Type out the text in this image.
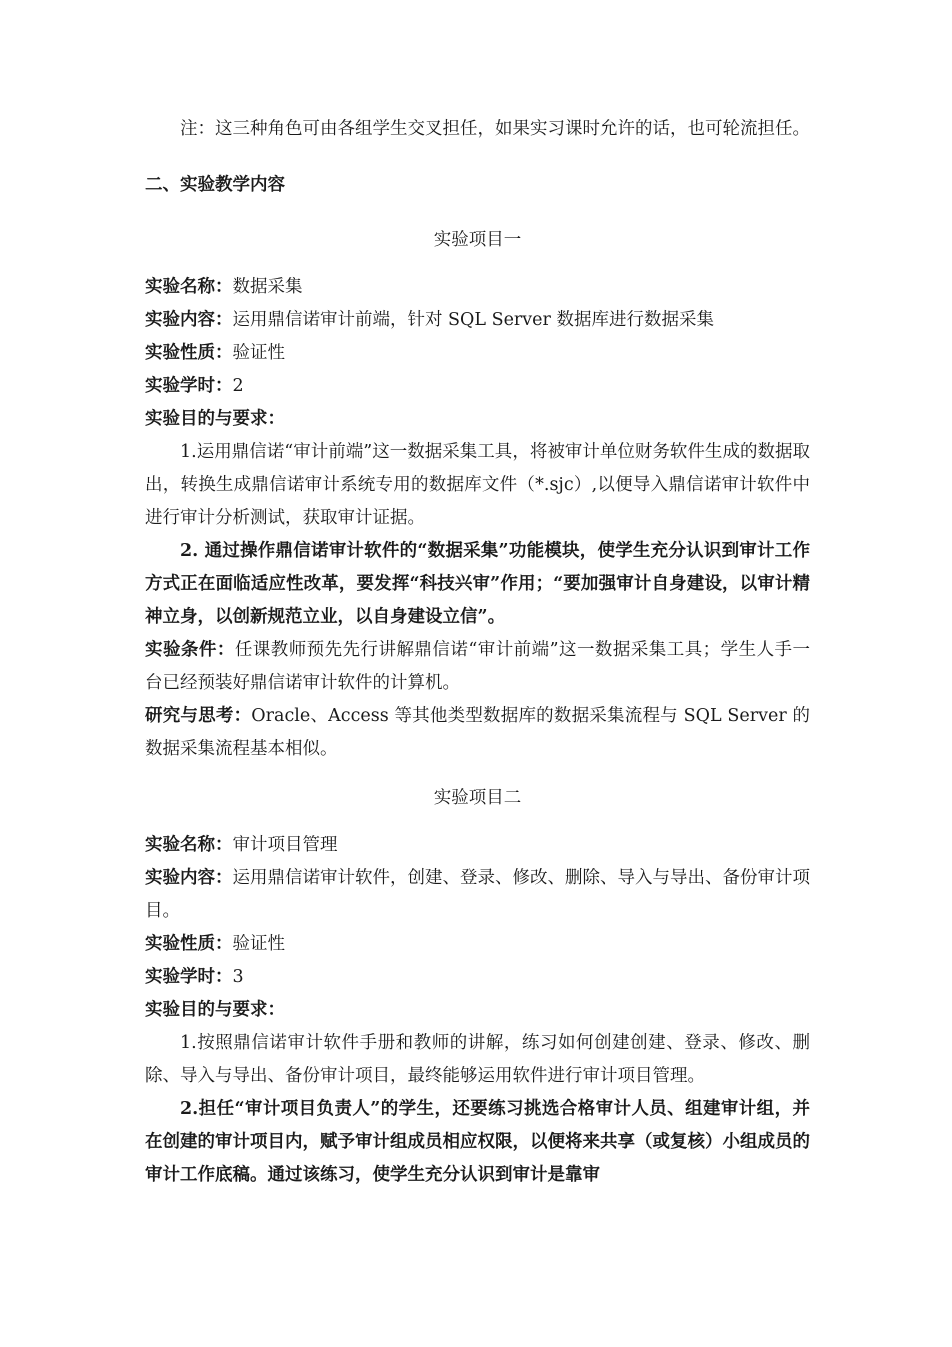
注：这三种角色可由各组学生交叉担任，如果实习课时允许的话，也可轮流担任。

二、实验教学内容

实验项目一

实验名称：数据采集

实验内容：运用鼎信诺审计前端，针对 SQL Server 数据库进行数据采集

实验性质：验证性

实验学时：2

实验目的与要求：

1.运用鼎信诺“审计前端”这一数据采集工具，将被审计单位财务软件生成的数据取出，转换生成鼎信诺审计系统专用的数据库文件（*.sjc）,以便导入鼎信诺审计软件中进行审计分析测试，获取审计证据。

2. 通过操作鼎信诺审计软件的“数据采集”功能模块，使学生充分认识到审计工作方式正在面临适应性改革，要发挥“科技兴审”作用；“要加强审计自身建设，以审计精神立身，以创新规范立业，以自身建设立信”。

实验条件：任课教师预先先行讲解鼎信诺“审计前端”这一数据采集工具；学生人手一台已经预装好鼎信诺审计软件的计算机。

研究与思考：Oracle、Access 等其他类型数据库的数据采集流程与 SQL Server 的数据采集流程基本相似。

实验项目二

实验名称：审计项目管理

实验内容：运用鼎信诺审计软件，创建、登录、修改、删除、导入与导出、备份审计项目。

实验性质：验证性

实验学时：3

实验目的与要求：

1.按照鼎信诺审计软件手册和教师的讲解，练习如何创建创建、登录、修改、删除、导入与导出、备份审计项目，最终能够运用软件进行审计项目管理。

2.担任“审计项目负责人”的学生，还要练习挑选合格审计人员、组建审计组，并在创建的审计项目内，赋予审计组成员相应权限，以便将来共享（或复核）小组成员的审计工作底稿。通过该练习，使学生充分认识到审计是靠审
